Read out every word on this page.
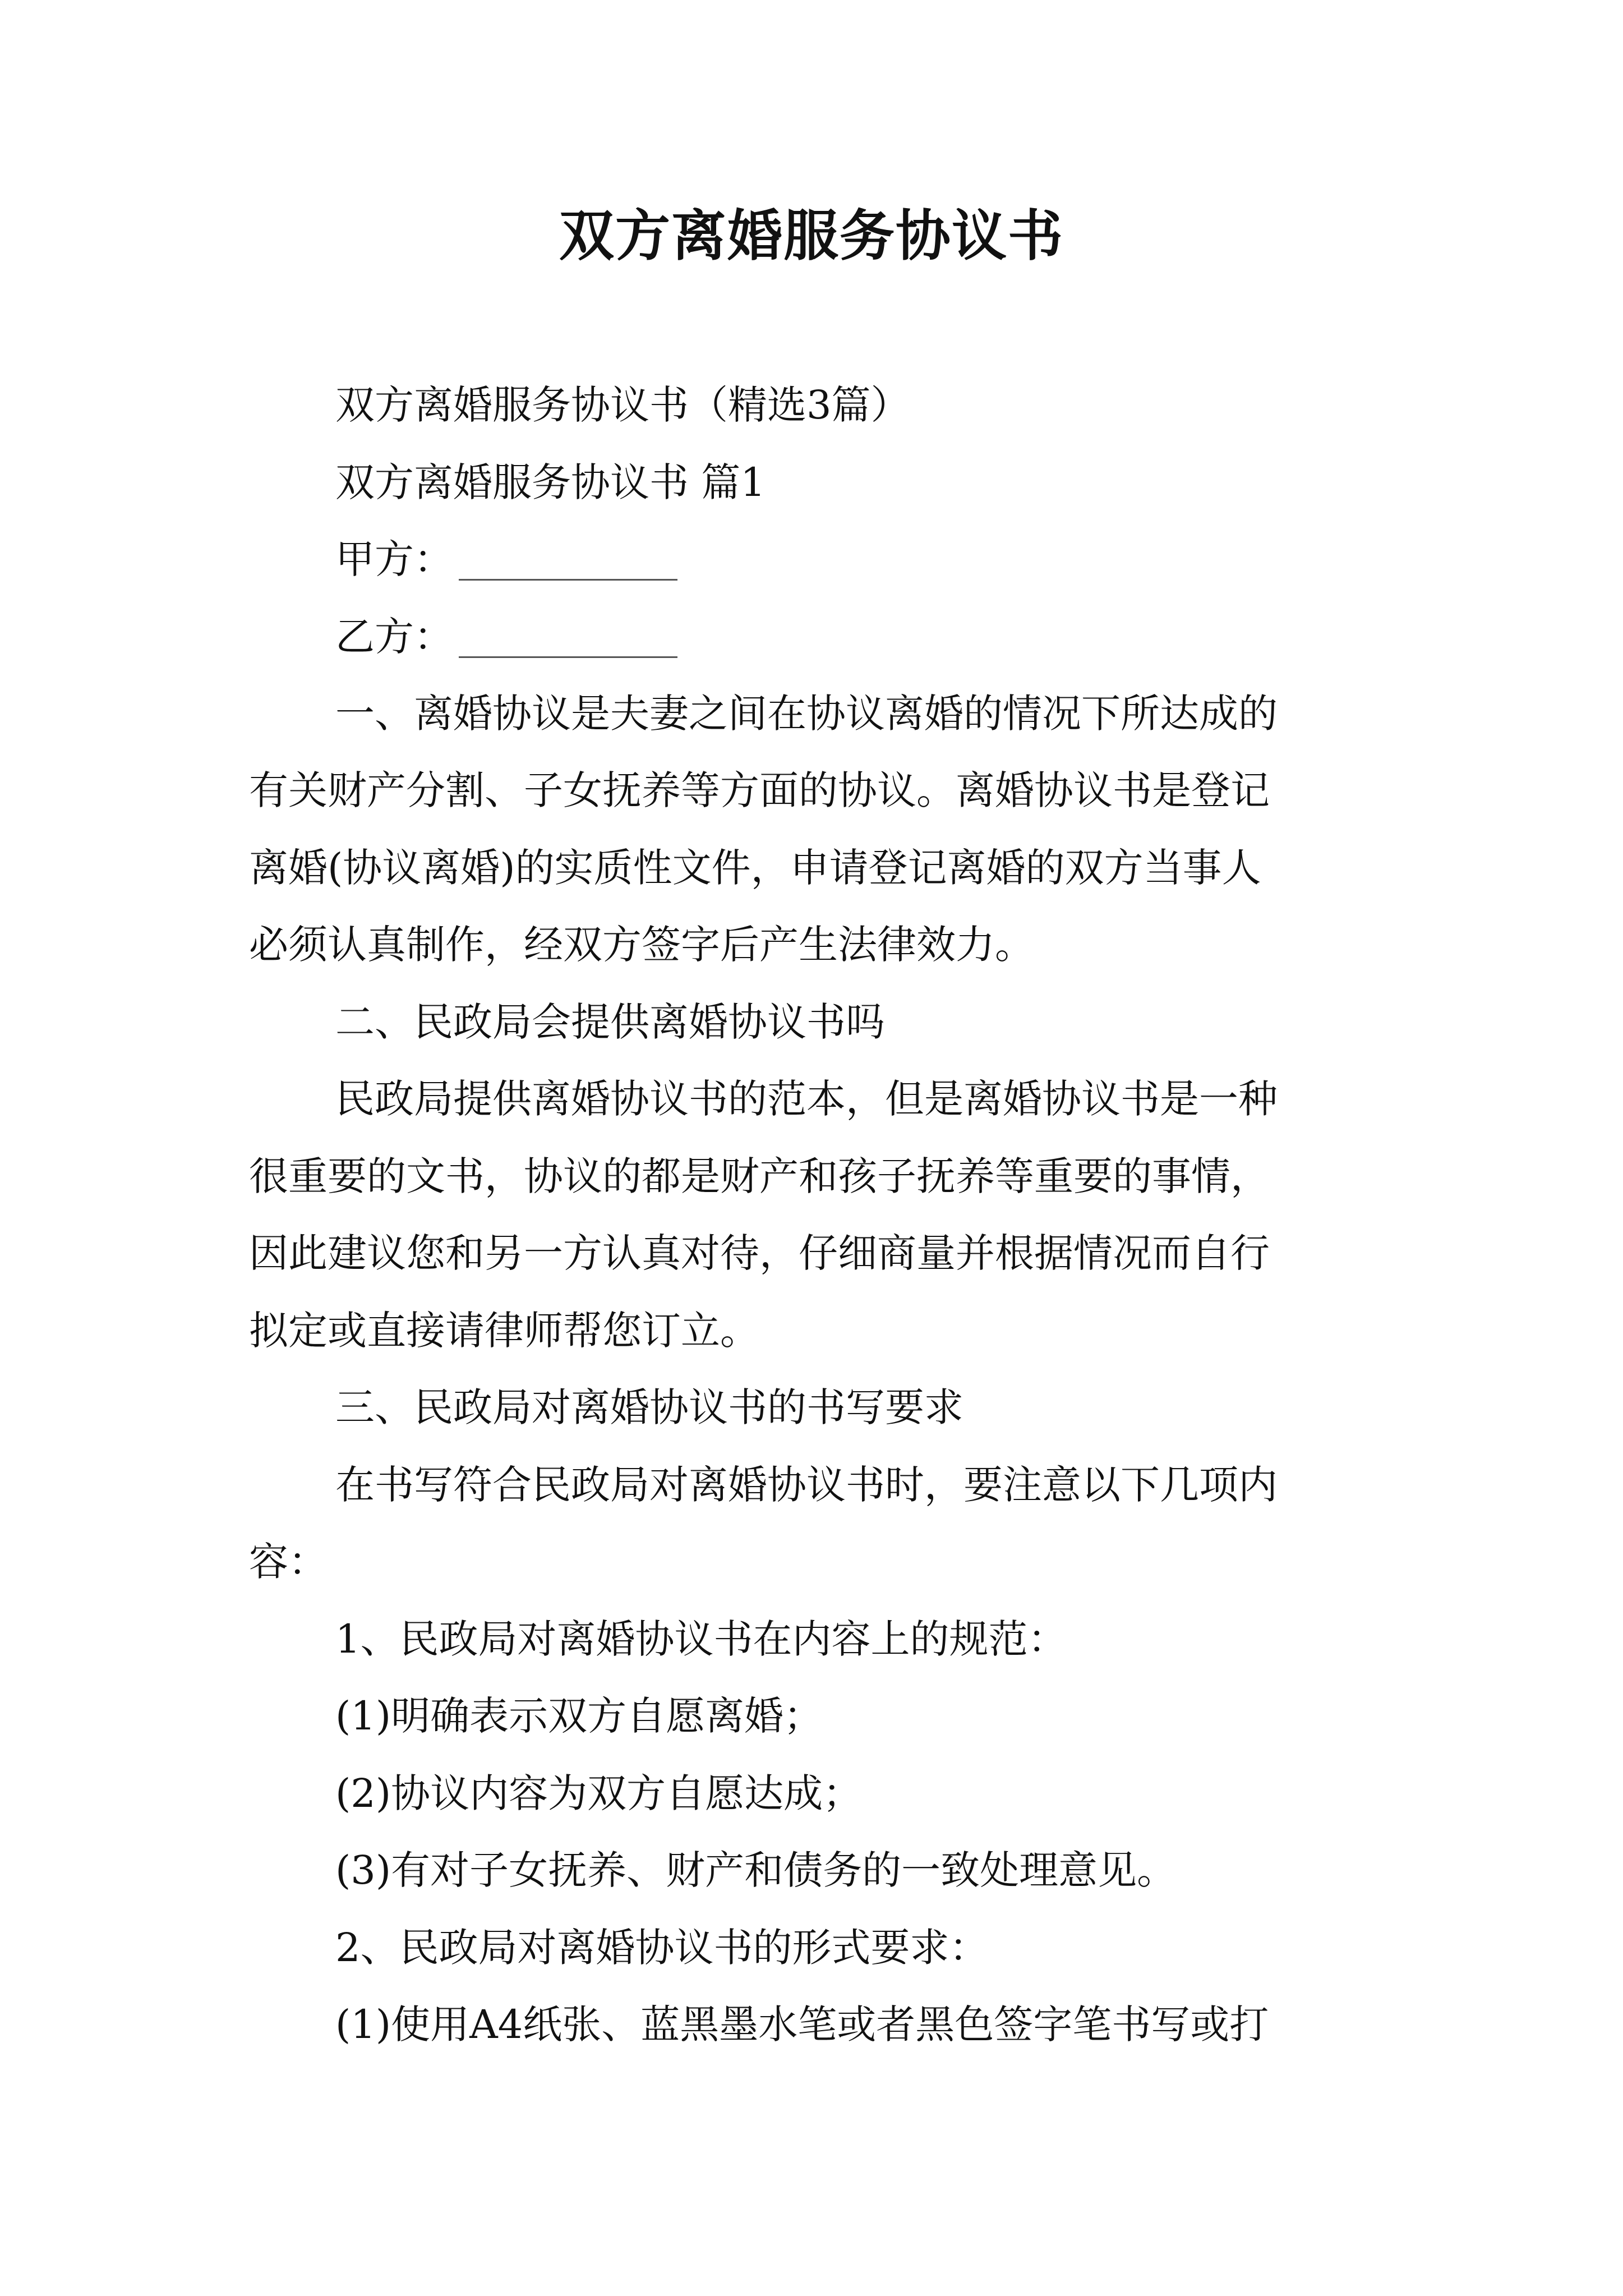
双方离婚服务协议书
双方离婚服务协议书（精选3篇）
双方离婚服务协议书 篇1
甲方：
乙方：
一、离婚协议是夫妻之间在协议离婚的情况下所达成的
有关财产分割、子女抚养等方面的协议。离婚协议书是登记
离婚(协议离婚)的实质性文件，申请登记离婚的双方当事人
必须认真制作，经双方签字后产生法律效力。
二、民政局会提供离婚协议书吗
民政局提供离婚协议书的范本，但是离婚协议书是一种
很重要的文书，协议的都是财产和孩子抚养等重要的事情，
因此建议您和另一方认真对待，仔细商量并根据情况而自行
拟定或直接请律师帮您订立。
三、民政局对离婚协议书的书写要求
在书写符合民政局对离婚协议书时，要注意以下几项内
容：
1、民政局对离婚协议书在内容上的规范：
(1)明确表示双方自愿离婚；
(2)协议内容为双方自愿达成；
(3)有对子女抚养、财产和债务的一致处理意见。
2、民政局对离婚协议书的形式要求：
(1)使用A4纸张、蓝黑墨水笔或者黑色签字笔书写或打
